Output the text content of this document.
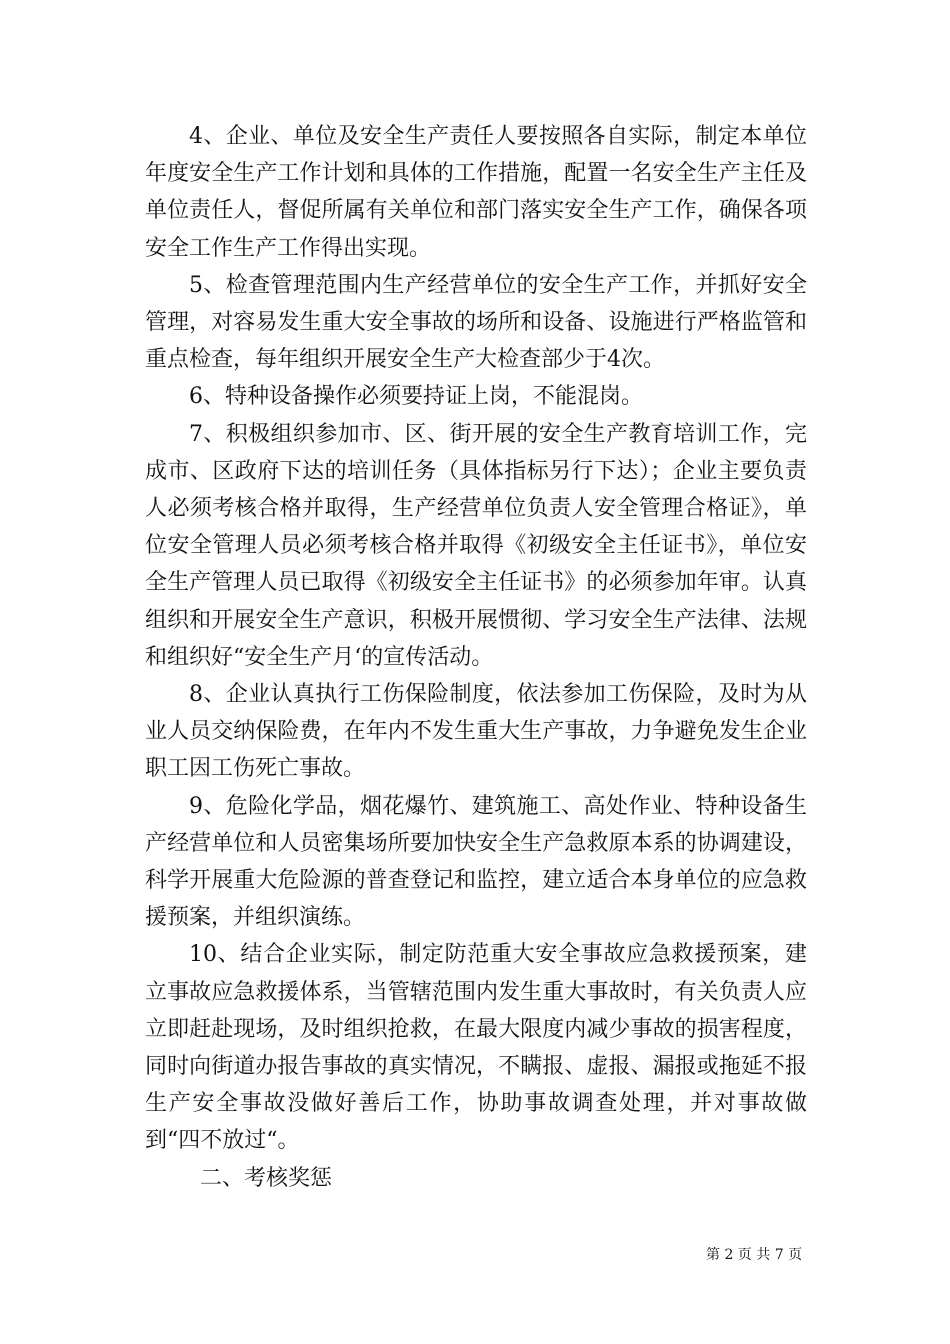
4、企业、单位及安全生产责任人要按照各自实际，制定本单位年度安全生产工作计划和具体的工作措施，配置一名安全生产主任及单位责任人，督促所属有关单位和部门落实安全生产工作，确保各项安全工作生产工作得出实现。

5、检查管理范围内生产经营单位的安全生产工作，并抓好安全管理，对容易发生重大安全事故的场所和设备、设施进行严格监管和重点检查，每年组织开展安全生产大检查部少于4次。

6、特种设备操作必须要持证上岗，不能混岗。

7、积极组织参加市、区、街开展的安全生产教育培训工作，完成市、区政府下达的培训任务（具体指标另行下达）；企业主要负责人必须考核合格并取得，生产经营单位负责人安全管理合格证》，单位安全管理人员必须考核合格并取得《初级安全主任证书》，单位安全生产管理人员已取得《初级安全主任证书》的必须参加年审。认真组织和开展安全生产意识，积极开展惯彻、学习安全生产法律、法规和组织好“安全生产月‘的宣传活动。

8、企业认真执行工伤保险制度，依法参加工伤保险，及时为从业人员交纳保险费，在年内不发生重大生产事故，力争避免发生企业职工因工伤死亡事故。

9、危险化学品，烟花爆竹、建筑施工、高处作业、特种设备生产经营单位和人员密集场所要加快安全生产急救原本系的协调建设，科学开展重大危险源的普查登记和监控，建立适合本身单位的应急救援预案，并组织演练。

10、结合企业实际，制定防范重大安全事故应急救援预案，建立事故应急救援体系，当管辖范围内发生重大事故时，有关负责人应立即赶赴现场，及时组织抢救，在最大限度内减少事故的损害程度，同时向街道办报告事故的真实情况，不瞒报、虚报、漏报或拖延不报生产安全事故没做好善后工作，协助事故调查处理，并对事故做到“四不放过“。

二、考核奖惩

第 2 页 共 7 页
